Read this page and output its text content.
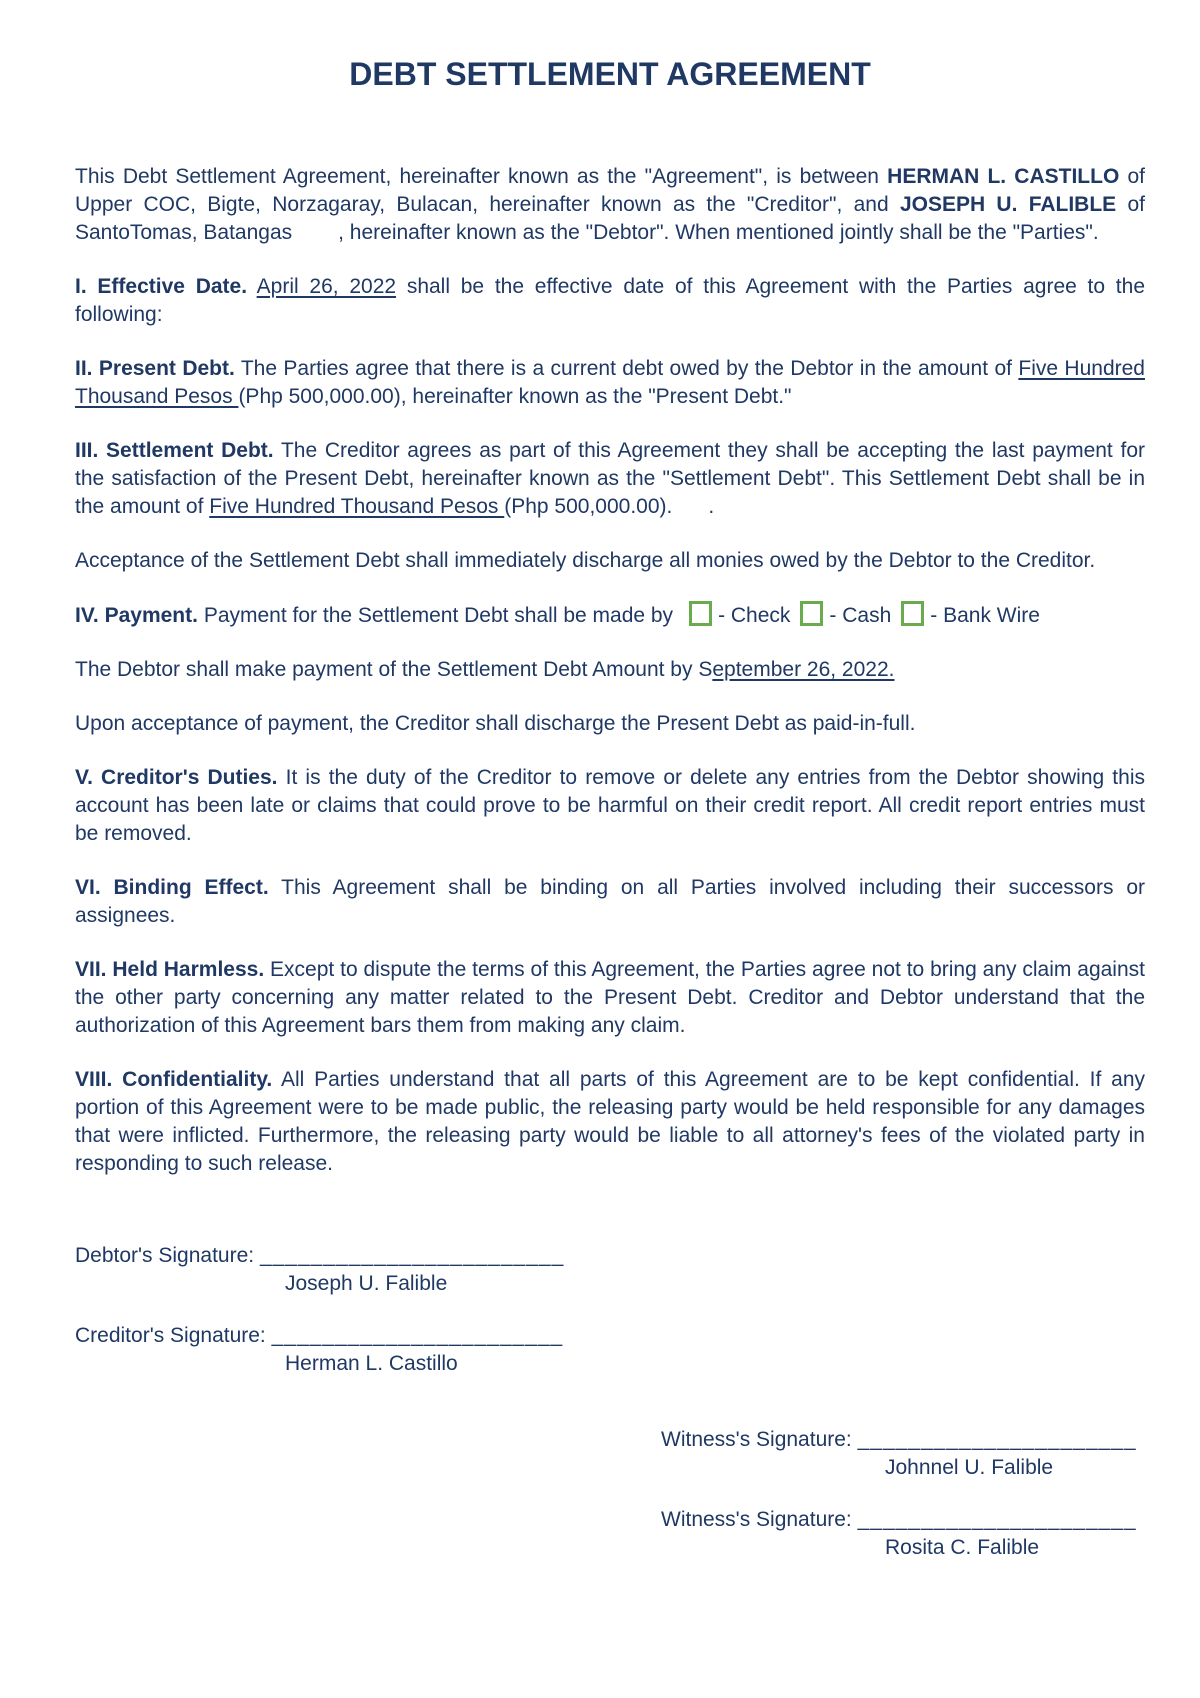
DEBT SETTLEMENT AGREEMENT

This Debt Settlement Agreement, hereinafter known as the "Agreement", is between HERMAN L. CASTILLO of Upper COC, Bigte, Norzagaray, Bulacan, hereinafter known as the "Creditor", and JOSEPH U. FALIBLE of SantoTomas, Batangas , hereinafter known as the "Debtor". When mentioned jointly shall be the "Parties".

I. Effective Date. April 26, 2022 shall be the effective date of this Agreement with the Parties agree to the following:

II. Present Debt. The Parties agree that there is a current debt owed by the Debtor in the amount of Five Hundred Thousand Pesos (Php 500,000.00), hereinafter known as the "Present Debt."

III. Settlement Debt. The Creditor agrees as part of this Agreement they shall be accepting the last payment for the satisfaction of the Present Debt, hereinafter known as the "Settlement Debt". This Settlement Debt shall be in the amount of Five Hundred Thousand Pesos (Php 500,000.00). .

Acceptance of the Settlement Debt shall immediately discharge all monies owed by the Debtor to the Creditor.

IV. Payment. Payment for the Settlement Debt shall be made by - Check - Cash - Bank Wire

The Debtor shall make payment of the Settlement Debt Amount by September 26, 2022.

Upon acceptance of payment, the Creditor shall discharge the Present Debt as paid-in-full.

V. Creditor's Duties. It is the duty of the Creditor to remove or delete any entries from the Debtor showing this account has been late or claims that could prove to be harmful on their credit report. All credit report entries must be removed.

VI. Binding Effect. This Agreement shall be binding on all Parties involved including their successors or assignees.

VII. Held Harmless. Except to dispute the terms of this Agreement, the Parties agree not to bring any claim against the other party concerning any matter related to the Present Debt. Creditor and Debtor understand that the authorization of this Agreement bars them from making any claim.

VIII. Confidentiality. All Parties understand that all parts of this Agreement are to be kept confidential. If any portion of this Agreement were to be made public, the releasing party would be held responsible for any damages that were inflicted. Furthermore, the releasing party would be liable to all attorney's fees of the violated party in responding to such release.

Debtor's Signature: ________________________
Joseph U. Falible
Creditor's Signature: _______________________
Herman L. Castillo
Witness's Signature: ______________________
Johnnel U. Falible
Witness's Signature: ______________________
Rosita C. Falible
